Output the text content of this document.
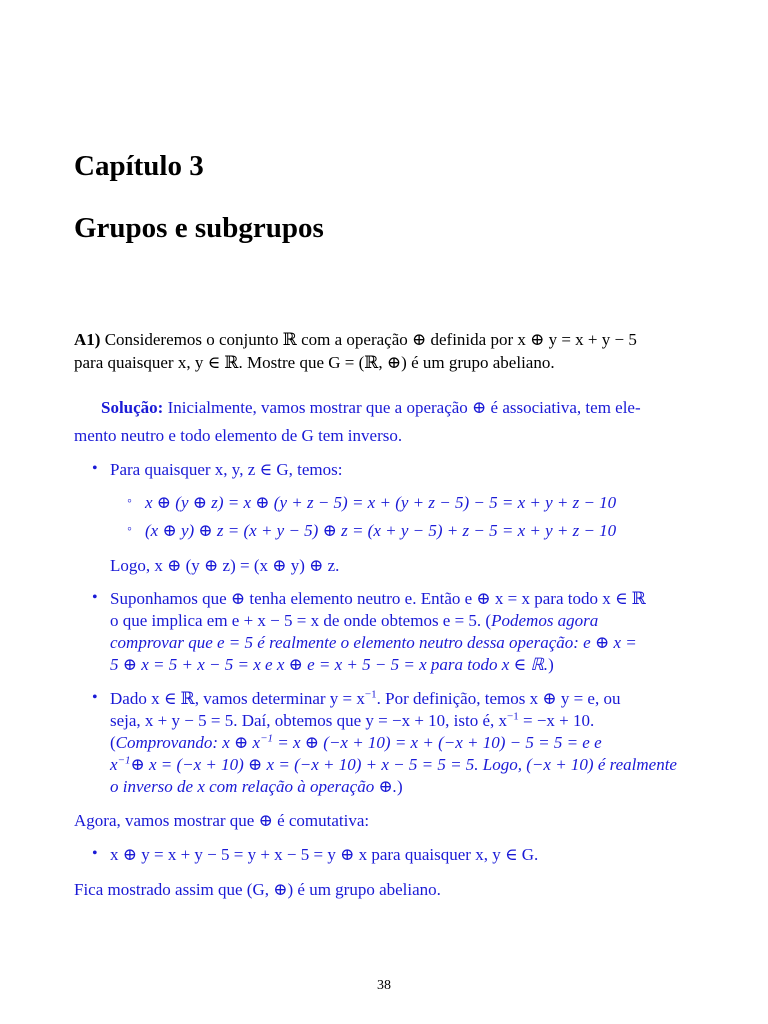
Capítulo 3
Grupos e subgrupos
A1) Consideremos o conjunto ℝ com a operação ⊕ definida por x ⊕ y = x + y − 5
para quaisquer x, y ∈ ℝ. Mostre que G = (ℝ, ⊕) é um grupo abeliano.
Solução: Inicialmente, vamos mostrar que a operação ⊕ é associativa, tem ele-
mento neutro e todo elemento de G tem inverso.
• Para quaisquer x, y, z ∈ G, temos:
◦ x ⊕ (y ⊕ z) = x ⊕ (y + z − 5) = x + (y + z − 5) − 5 = x + y + z − 10
◦ (x ⊕ y) ⊕ z = (x + y − 5) ⊕ z = (x + y − 5) + z − 5 = x + y + z − 10
Logo, x ⊕ (y ⊕ z) = (x ⊕ y) ⊕ z.
• Suponhamos que ⊕ tenha elemento neutro e. Então e ⊕ x = x para todo x ∈ ℝ
o que implica em e + x − 5 = x de onde obtemos e = 5. (Podemos agora
comprovar que e = 5 é realmente o elemento neutro dessa operação: e ⊕ x =
5 ⊕ x = 5 + x − 5 = x e x ⊕ e = x + 5 − 5 = x para todo x ∈ ℝ.)
• Dado x ∈ ℝ, vamos determinar $y = x^{-1}$. Por definição, temos x ⊕ y = e, ou
seja, x + y − 5 = 5. Daí, obtemos que y = −x + 10, isto é, $x^{-1} = -x + 10$.
(Comprovando: x ⊕ $x^{-1} = x$ ⊕ (−x + 10) = x + (−x + 10) − 5 = 5 = e e
$x^{-1}\oplus$ x = (−x + 10) ⊕ x = (−x + 10) + x − 5 = 5 = 5. Logo, (−x + 10) é realmente
o inverso de x com relação à operação ⊕.)
Agora, vamos mostrar que ⊕ é comutativa:
• x ⊕ y = x + y − 5 = y + x − 5 = y ⊕ x para quaisquer x, y ∈ G.
Fica mostrado assim que (G, ⊕) é um grupo abeliano.
38
